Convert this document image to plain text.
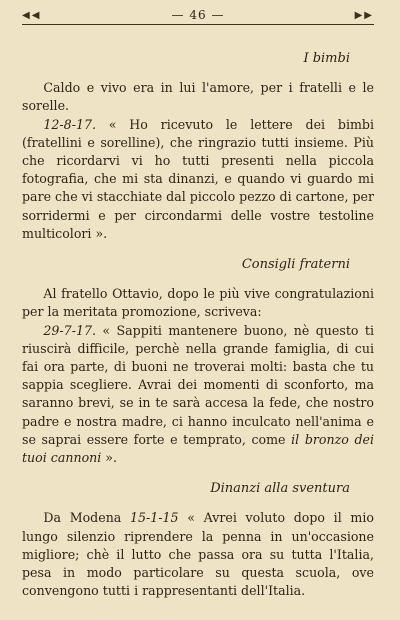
◀◀	— 46 —	▶▶
I bimbi

Caldo e vivo era in lui l'amore, per i fratelli e le sorelle.

12-8-17. « Ho ricevuto le lettere dei bimbi (fratellini e sorelline), che ringrazio tutti insieme. Più che ricordarvi vi ho tutti presenti nella piccola fotografia, che mi sta dinanzi, e quando vi guardo mi pare che vi stacchiate dal piccolo pezzo di cartone, per sorridermi e per circondarmi delle vostre testoline multicolori ».

Consigli fraterni

Al fratello Ottavio, dopo le più vive congratulazioni per la meritata promozione, scriveva:

29-7-17. « Sappiti mantenere buono, nè questo ti riuscirà difficile, perchè nella grande famiglia, di cui fai ora parte, di buoni ne troverai molti: basta che tu sappia scegliere. Avrai dei momenti di sconforto, ma saranno brevi, se in te sarà accesa la fede, che nostro padre e nostra madre, ci hanno inculcato nell'anima e se saprai essere forte e temprato, come il bronzo dei tuoi cannoni ».

Dinanzi alla sventura

Da Modena 15-1-15 « Avrei voluto dopo il mio lungo silenzio riprendere la penna in un'occasione migliore; chè il lutto che passa ora su tutta l'Italia, pesa in modo particolare su questa scuola, ove convengono tutti i rappresentanti dell'Italia.
